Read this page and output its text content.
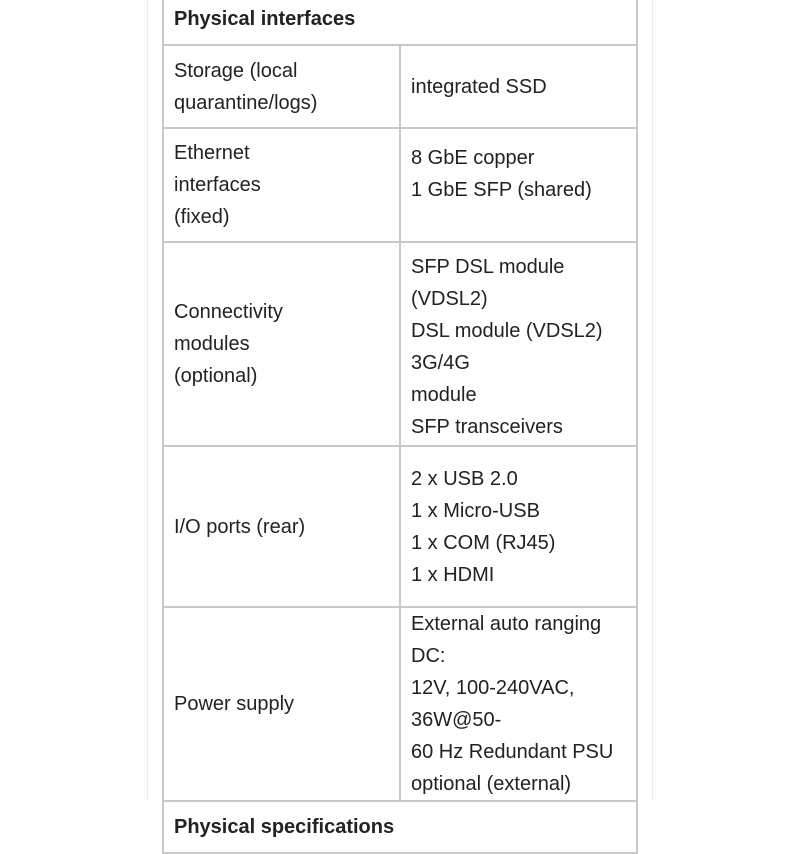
Physical interfaces	

Storage (local
quarantine/logs)	integrated SSD

Ethernet
interfaces
(fixed)	8 GbE copper
1 GbE SFP (shared)

Connectivity
modules
(optional)	SFP DSL module (VDSL2)
DSL module (VDSL2) 3G/4G
module
SFP transceivers

I/O ports (rear)	2 x USB 2.0
1 x Micro-USB
1 x COM (RJ45)
1 x HDMI

Power supply	External auto ranging DC:
12V, 100-240VAC, 36W@50-
60 Hz Redundant PSU
optional (external)

Physical specifications	
